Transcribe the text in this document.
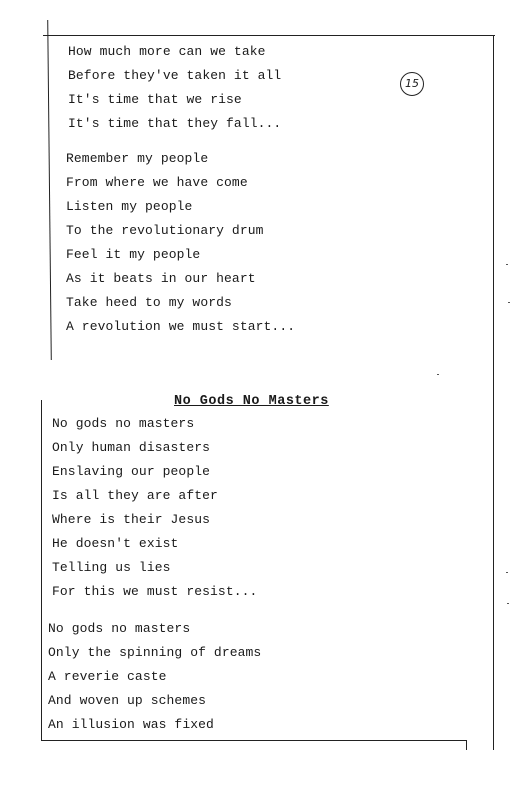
15
How much more can we take
Before they've taken it all
It's time that we rise
It's time that they fall...
Remember my people
From where we have come
Listen my people
To the revolutionary drum
Feel it my people
As it beats in our heart
Take heed to my words
A revolution we must start...
No Gods No Masters
No gods no masters
Only human disasters
Enslaving our people
Is all they are after
Where is their Jesus
He doesn't exist
Telling us lies
For this we must resist...
No gods no masters
Only the spinning of dreams
A reverie caste
And woven up schemes
An illusion was fixed
